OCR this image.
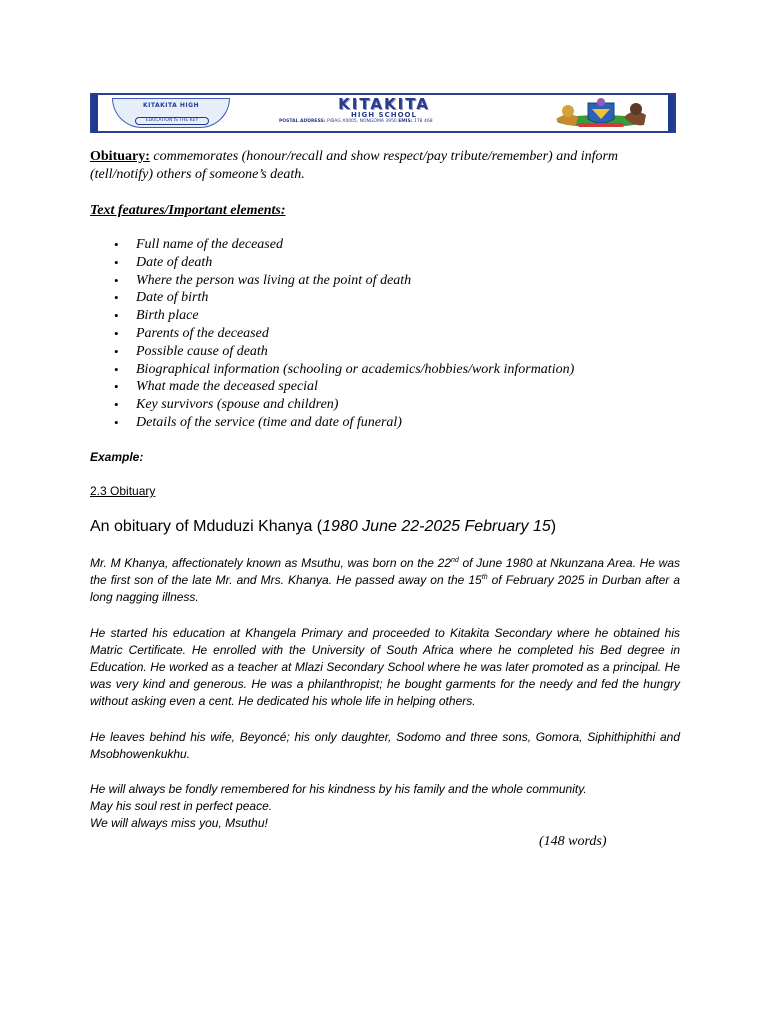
KITAKITA HIGH
EDUCATION IS THE KEY
KITAKITA
HIGH SCHOOL
POSTAL ADDRESS: P/BAG X0005, NONGOMA 3950 EMIS: 178 468
Obituary: commemorates (honour/recall and show respect/pay tribute/remember) and inform (tell/notify) others of someone’s death.
Text features/Important elements:
• Full name of the deceased
• Date of death
• Where the person was living at the point of death
• Date of birth
• Birth place
• Parents of the deceased
• Possible cause of death
• Biographical information (schooling or academics/hobbies/work information)
• What made the deceased special
• Key survivors (spouse and children)
• Details of the service (time and date of funeral)
Example:
2.3 Obituary
An obituary of Mduduzi Khanya (1980 June 22-2025 February 15)
Mr. M Khanya, affectionately known as Msuthu, was born on the 22nd of June 1980 at Nkunzana Area. He was the first son of the late Mr. and Mrs. Khanya. He passed away on the 15th of February 2025 in Durban after a long nagging illness.
He started his education at Khangela Primary and proceeded to Kitakita Secondary where he obtained his Matric Certificate. He enrolled with the University of South Africa where he completed his Bed degree in Education. He worked as a teacher at Mlazi Secondary School where he was later promoted as a principal. He was very kind and generous. He was a philanthropist; he bought garments for the needy and fed the hungry without asking even a cent. He dedicated his whole life in helping others.
He leaves behind his wife, Beyoncé; his only daughter, Sodomo and three sons, Gomora, Siphithiphithi and Msobhowenkukhu.
He will always be fondly remembered for his kindness by his family and the whole community.
May his soul rest in perfect peace.
We will always miss you, Msuthu!
(148 words)
